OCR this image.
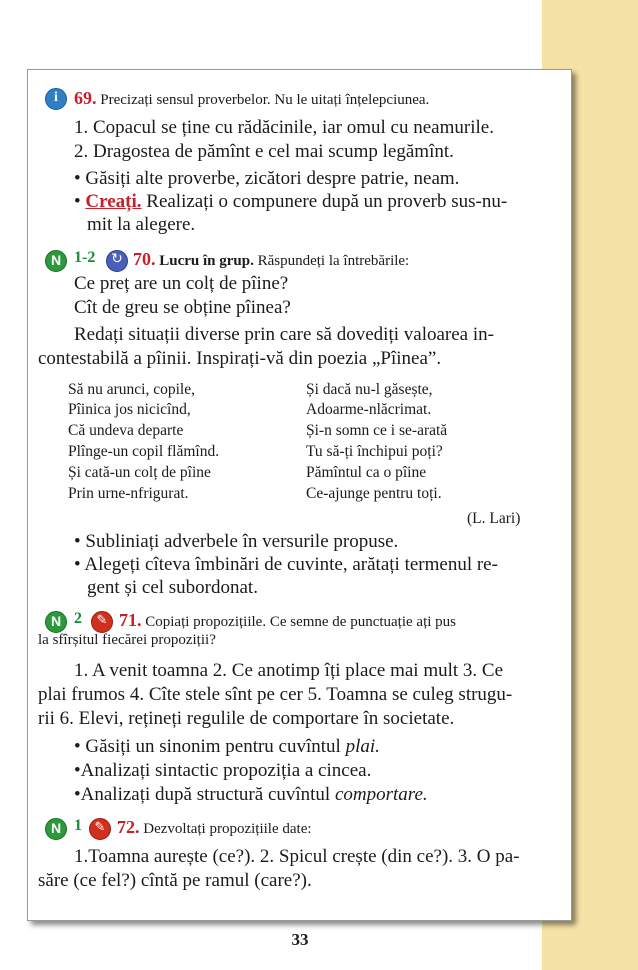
i
69. Precizați sensul proverbelor. Nu le uitați înțelepciunea.
1. Copacul se ține cu rădăcinile, iar omul cu neamurile.
2. Dragostea de pămînt e cel mai scump legămînt.
• Găsiți alte proverbe, zicători despre patrie, neam.
• Creați. Realizați o compunere după un proverb sus-nu-
mit la alegere.
N
1-2 ↻ 70. Lucru în grup. Răspundeți la întrebările:
Ce preț are un colț de pîine?
Cît de greu se obține pîinea?
Redați situații diverse prin care să dovediți valoarea in-
contestabilă a pîinii. Inspirați-vă din poezia „Pîinea”.
Să nu arunci, copile,
Pîinica jos nicicînd,
Că undeva departe
Plînge-un copil flămînd.
Și cată-un colț de pîine
Prin urne-nfrigurat.
Și dacă nu-l găsește,
Adoarme-nlăcrimat.
Și-n somn ce i se-arată
Tu să-ți închipui poți?
Pămîntul ca o pîine
Ce-ajunge pentru toți.
(L. Lari)
• Subliniați adverbele în versurile propuse.
• Alegeți cîteva îmbinări de cuvinte, arătați termenul re-
gent și cel subordonat.
N
2 ✎ 71. Copiați propozițiile. Ce semne de punctuație ați pus
la sfîrșitul fiecărei propoziții?
1. A venit toamna 2. Ce anotimp îți place mai mult 3. Ce
plai frumos 4. Cîte stele sînt pe cer 5. Toamna se culeg strugu-
rii 6. Elevi, rețineți regulile de comportare în societate.
• Găsiți un sinonim pentru cuvîntul plai.
•Analizați sintactic propoziția a cincea.
•Analizați după structură cuvîntul comportare.
N
1 ✎ 72. Dezvoltați propozițiile date:
1.Toamna aurește (ce?). 2. Spicul crește (din ce?). 3. O pa-
săre (ce fel?) cîntă pe ramul (care?).
33
